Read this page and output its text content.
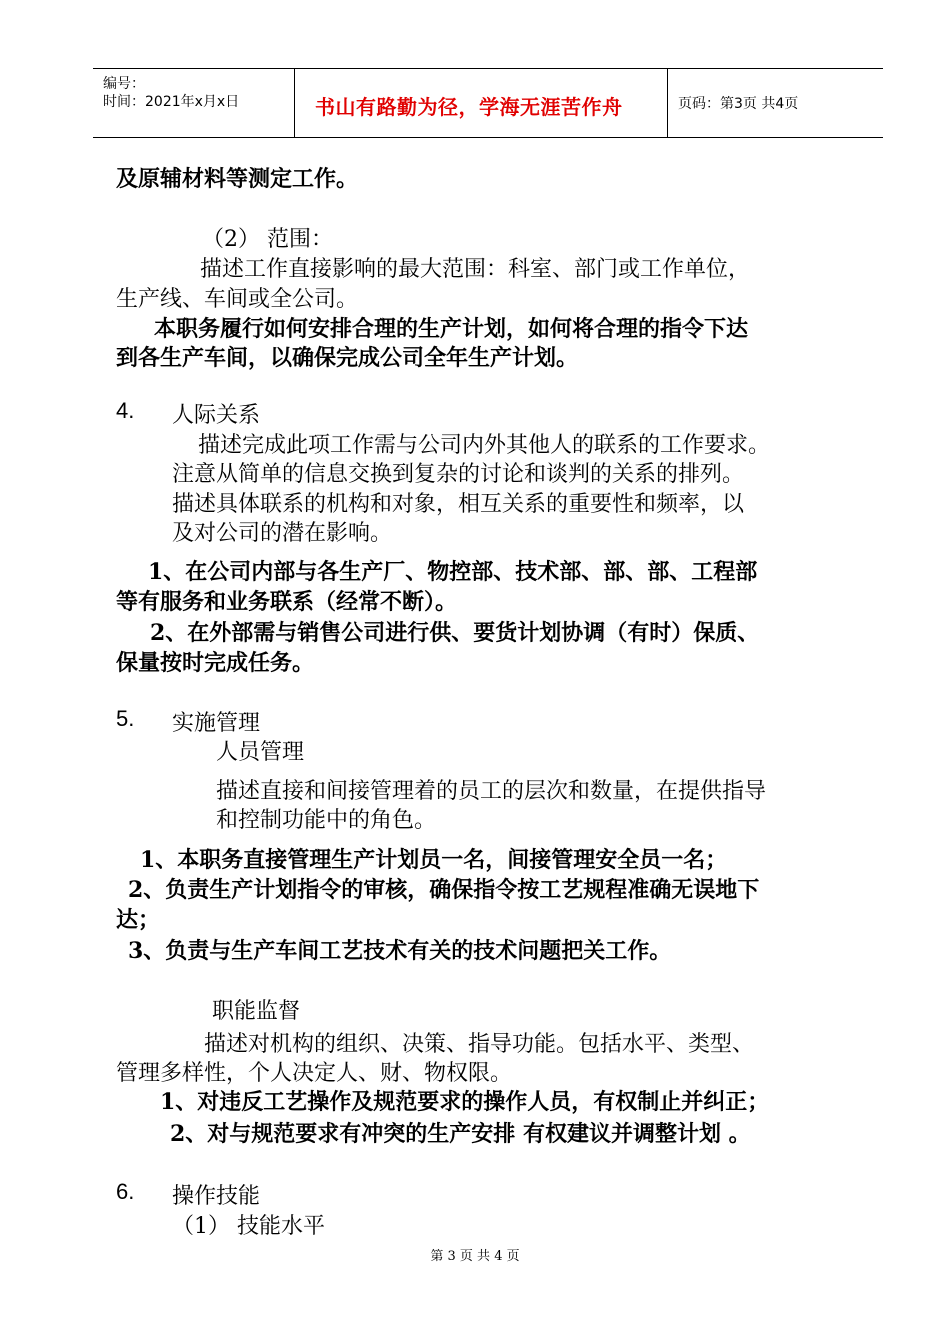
编号：
时间：2021年x月x日	书山有路勤为径，学海无涯苦作舟	页码：第3页 共4页
及原辅材料等测定工作。
（2） 范围：
描述工作直接影响的最大范围：科室、部门或工作单位，
生产线、车间或全公司。
本职务履行如何安排合理的生产计划，如何将合理的指令下达
到各生产车间，以确保完成公司全年生产计划。
4. 人际关系
描述完成此项工作需与公司内外其他人的联系的工作要求。
注意从简单的信息交换到复杂的讨论和谈判的关系的排列。
描述具体联系的机构和对象，相互关系的重要性和频率，以
及对公司的潜在影响。
1、在公司内部与各生产厂、物控部、技术部、部、部、工程部
等有服务和业务联系（经常不断）。
2、在外部需与销售公司进行供、要货计划协调（有时）保质、
保量按时完成任务。
5. 实施管理
人员管理
描述直接和间接管理着的员工的层次和数量，在提供指导
和控制功能中的角色。
1、本职务直接管理生产计划员一名，间接管理安全员一名；
2、负责生产计划指令的审核，确保指令按工艺规程准确无误地下
达；
3、负责与生产车间工艺技术有关的技术问题把关工作。
职能监督
描述对机构的组织、决策、指导功能。包括水平、类型、
管理多样性，个人决定人、财、物权限。
1、对违反工艺操作及规范要求的操作人员，有权制止并纠正；
2、对与规范要求有冲突的生产安排 有权建议并调整计划 。
6. 操作技能
（1） 技能水平
第 3 页 共 4 页
